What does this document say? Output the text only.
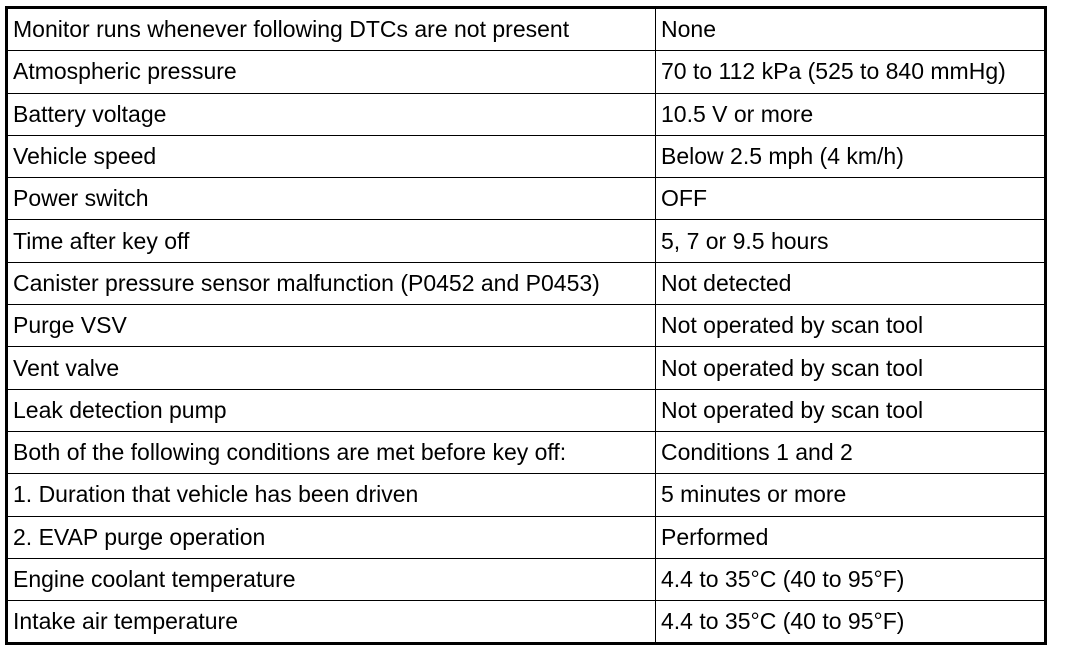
Monitor runs whenever following DTCs are not present	None
Atmospheric pressure	70 to 112 kPa (525 to 840 mmHg)
Battery voltage	10.5 V or more
Vehicle speed	Below 2.5 mph (4 km/h)
Power switch	OFF
Time after key off	5, 7 or 9.5 hours
Canister pressure sensor malfunction (P0452 and P0453)	Not detected
Purge VSV	Not operated by scan tool
Vent valve	Not operated by scan tool
Leak detection pump	Not operated by scan tool
Both of the following conditions are met before key off:	Conditions 1 and 2
1. Duration that vehicle has been driven	5 minutes or more
2. EVAP purge operation	Performed
Engine coolant temperature	4.4 to 35°C (40 to 95°F)
Intake air temperature	4.4 to 35°C (40 to 95°F)
